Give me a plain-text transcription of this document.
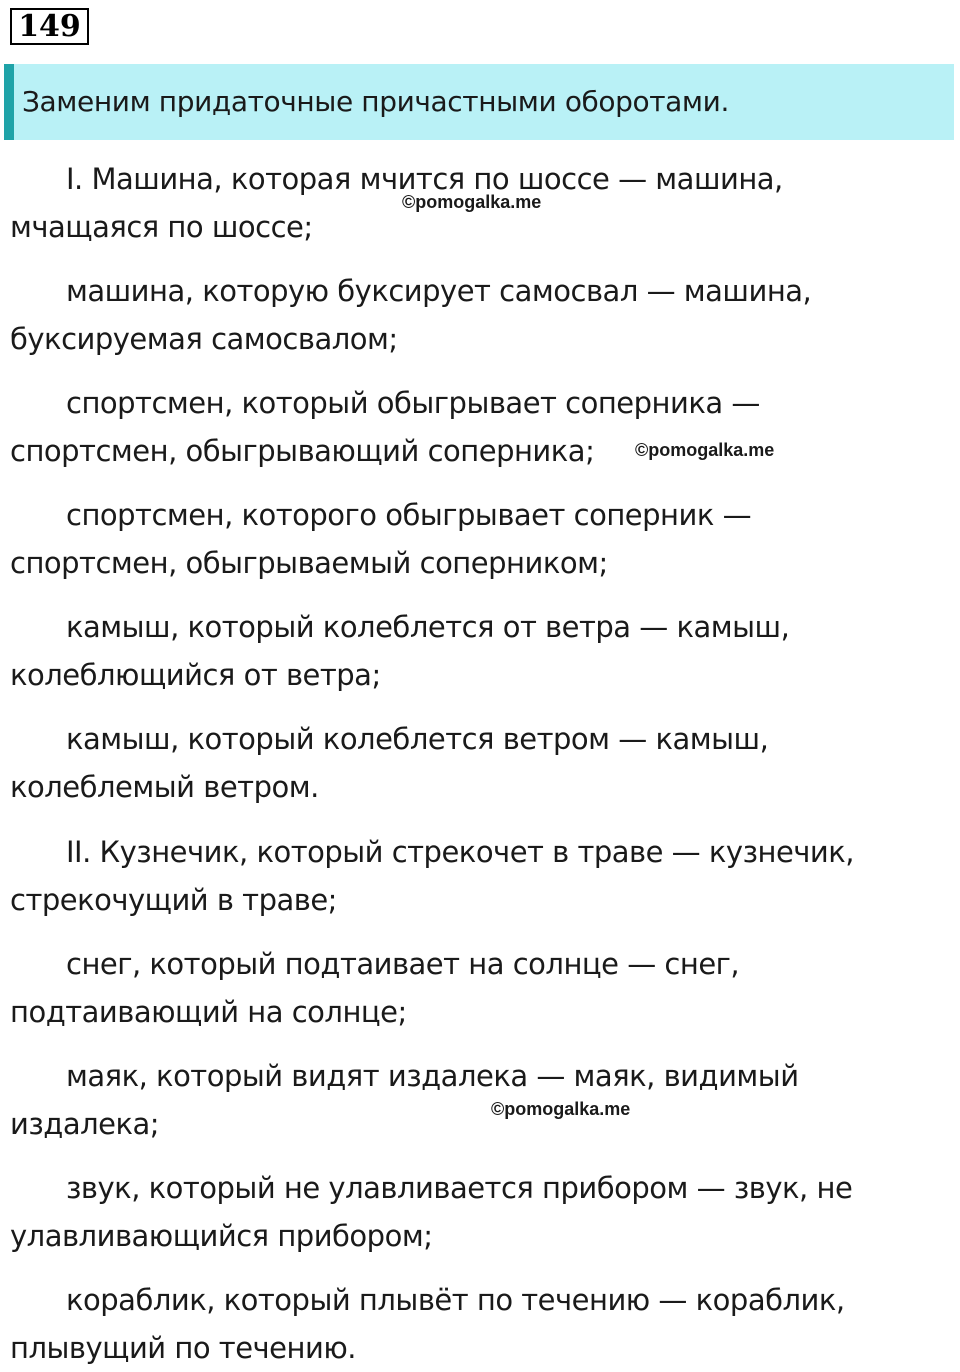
149
Заменим придаточные причастными оборотами.
I. Машина, которая мчится по шоссе — машина,
мчащаяся по шоссе;
машина, которую буксирует самосвал — машина,
буксируемая самосвалом;
спортсмен, который обыгрывает соперника —
спортсмен, обыгрывающий соперника;
спортсмен, которого обыгрывает соперник —
спортсмен, обыгрываемый соперником;
камыш, который колеблется от ветра — камыш,
колеблющийся от ветра;
камыш, который колеблется ветром — камыш,
колеблемый ветром.
II. Кузнечик, который стрекочет в траве — кузнечик,
стрекочущий в траве;
снег, который подтаивает на солнце — снег,
подтаивающий на солнце;
маяк, который видят издалека — маяк, видимый
издалека;
звук, который не улавливается прибором — звук, не
улавливающийся прибором;
кораблик, который плывёт по течению — кораблик,
плывущий по течению.
©pomogalka.me
©pomogalka.me
©pomogalka.me
